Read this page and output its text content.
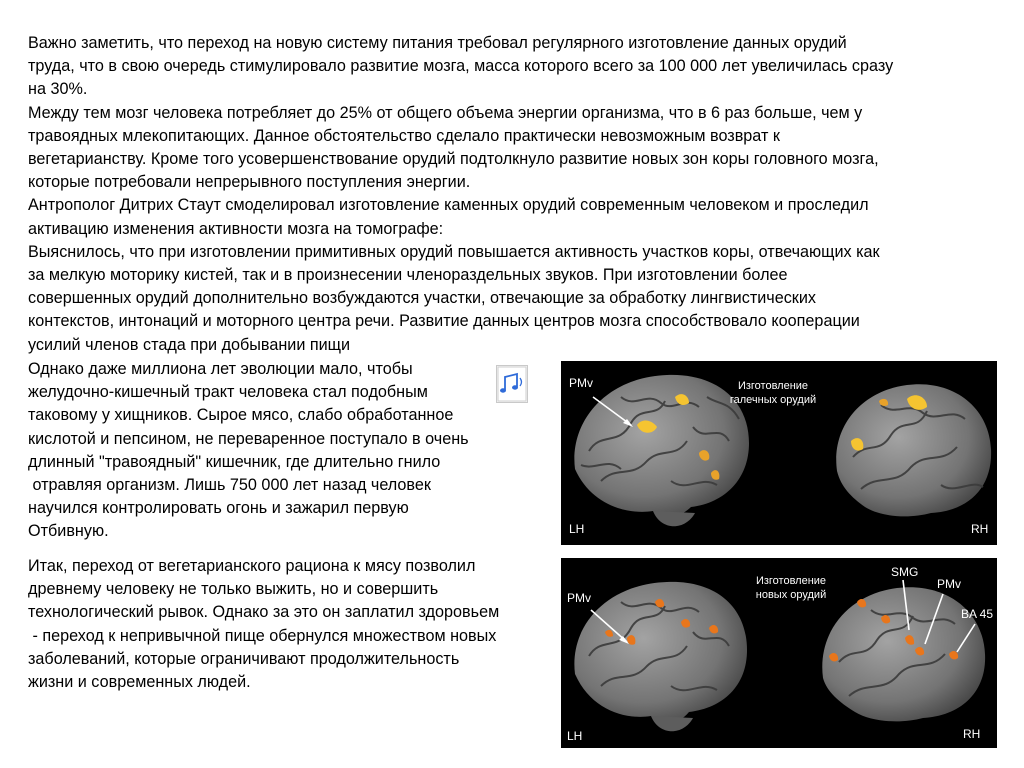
Важно заметить, что переход на новую систему питания требовал регулярного изготовление данных орудий
труда, что в свою очередь стимулировало развитие мозга, масса которого всего за 100 000 лет увеличилась сразу
на 30%.
Между тем мозг человека потребляет до 25% от общего объема энергии организма, что в 6 раз больше, чем у
травоядных млекопитающих. Данное обстоятельство сделало практически невозможным возврат к
вегетарианству. Кроме того усовершенствование орудий подтолкнуло развитие новых зон коры головного мозга,
которые потребовали непрерывного поступления энергии.
Антрополог Дитрих Стаут смоделировал изготовление каменных орудий современным человеком и проследил
активацию изменения активности мозга на томографе:
Выяснилось, что при изготовлении примитивных орудий повышается активность участков коры, отвечающих как
за мелкую моторику кистей, так и в произнесении членораздельных звуков. При изготовлении более
совершенных орудий дополнительно возбуждаются участки, отвечающие за обработку лингвистических
контекстов, интонаций и моторного центра речи. Развитие данных центров мозга способствовало кооперации
усилий членов стада при добывании пищи
Однако даже миллиона лет эволюции мало, чтобы
желудочно-кишечный тракт человека стал подобным
таковому у хищников. Сырое мясо, слабо обработанное
кислотой и пепсином, не переваренное поступало в очень
длинный "травоядный" кишечник, где длительно гнило
отравляя организм. Лишь 750 000 лет назад человек
научился контролировать огонь и зажарил первую
Отбивную.
Итак, переход от вегетарианского рациона к мясу позволил
древнему человеку не только выжить, но и совершить
технологический рывок. Однако за это он заплатил здоровьем
- переход к непривычной пище обернулся множеством новых
заболеваний, которые ограничивают продолжительность
жизни и современных людей.
PMv	Изготовление
галечных орудий
LH	RH
PMv
Изготовление
новых орудий
SMG
PMv
BA 45
LH	RH
